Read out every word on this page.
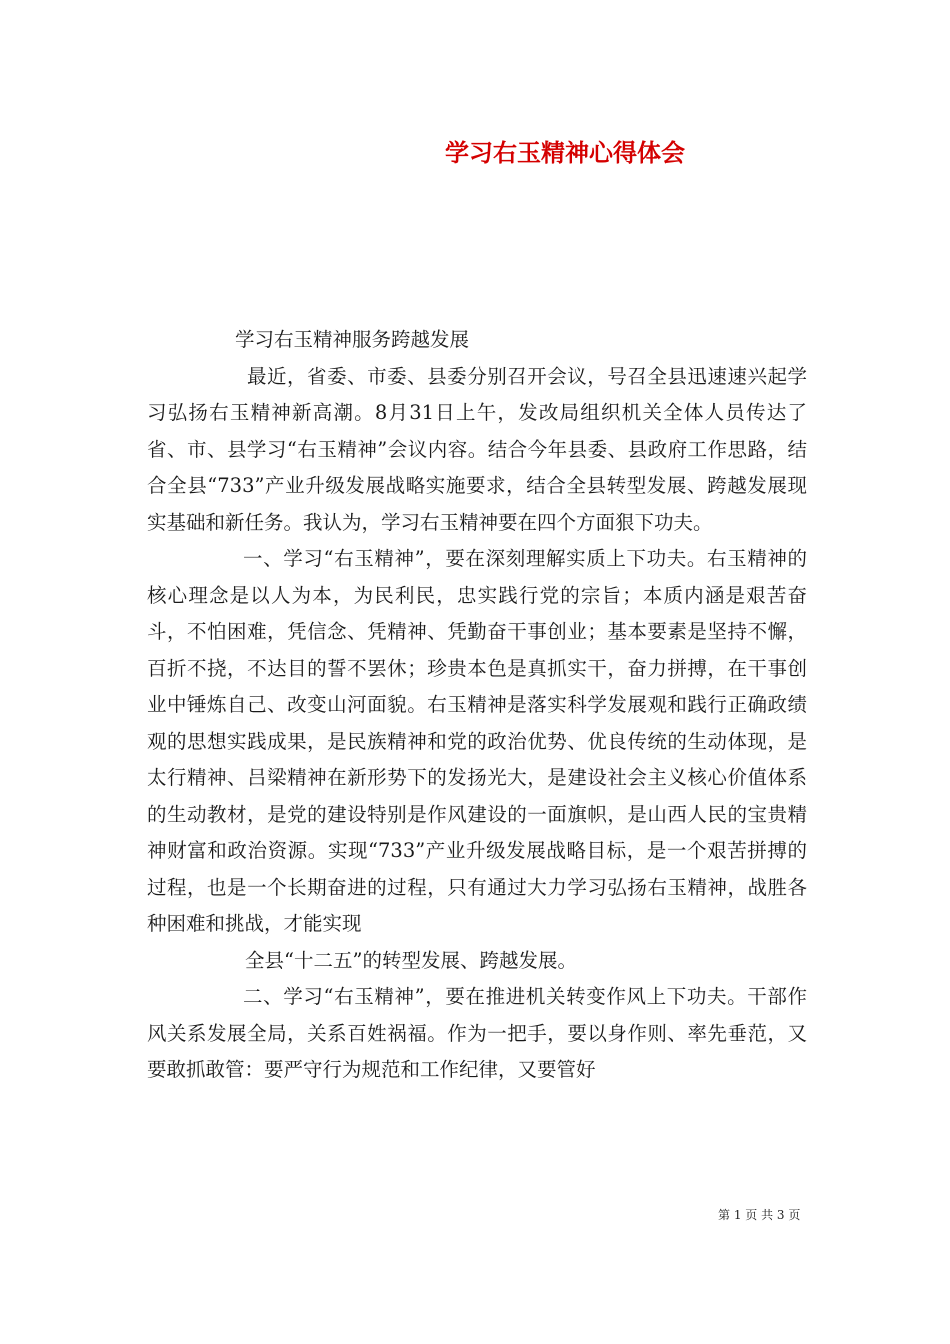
学习右玉精神心得体会

学习右玉精神服务跨越发展

最近，省委、市委、县委分别召开会议，号召全县迅速速兴起学习弘扬右玉精神新高潮。8月31日上午，发改局组织机关全体人员传达了省、市、县学习“右玉精神”会议内容。结合今年县委、县政府工作思路，结合全县“733”产业升级发展战略实施要求，结合全县转型发展、跨越发展现实基础和新任务。我认为，学习右玉精神要在四个方面狠下功夫。

一、学习“右玉精神”，要在深刻理解实质上下功夫。右玉精神的核心理念是以人为本，为民利民，忠实践行党的宗旨；本质内涵是艰苦奋斗，不怕困难，凭信念、凭精神、凭勤奋干事创业；基本要素是坚持不懈，百折不挠，不达目的誓不罢休；珍贵本色是真抓实干，奋力拼搏，在干事创业中锤炼自己、改变山河面貌。右玉精神是落实科学发展观和践行正确政绩观的思想实践成果，是民族精神和党的政治优势、优良传统的生动体现，是太行精神、吕梁精神在新形势下的发扬光大，是建设社会主义核心价值体系的生动教材，是党的建设特别是作风建设的一面旗帜，是山西人民的宝贵精神财富和政治资源。实现“733”产业升级发展战略目标，是一个艰苦拼搏的过程，也是一个长期奋进的过程，只有通过大力学习弘扬右玉精神，战胜各种困难和挑战，才能实现

全县“十二五”的转型发展、跨越发展。

二、学习“右玉精神”，要在推进机关转变作风上下功夫。干部作风关系发展全局，关系百姓祸福。作为一把手，要以身作则、率先垂范，又要敢抓敢管：要严守行为规范和工作纪律，又要管好

第 1 页 共 3 页
